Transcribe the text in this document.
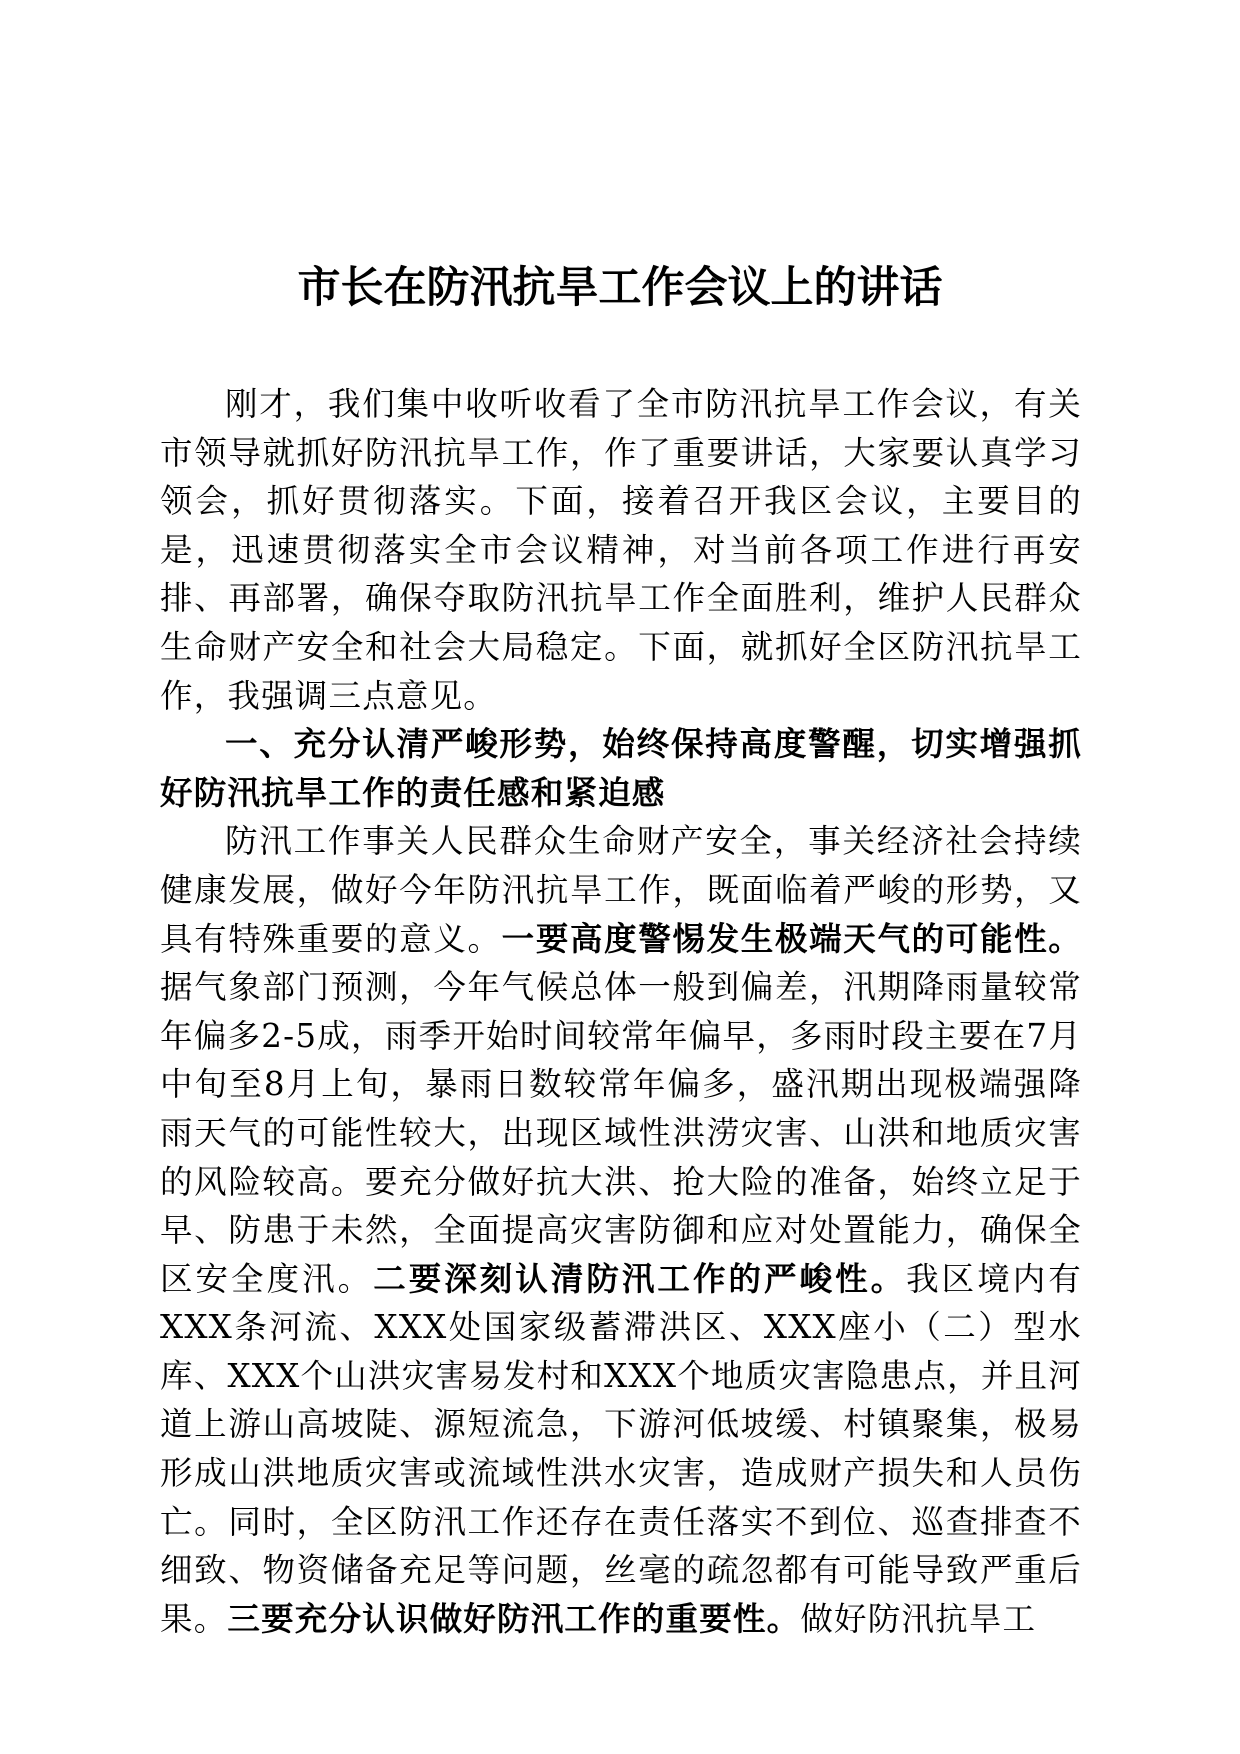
市长在防汛抗旱工作会议上的讲话

刚才，我们集中收听收看了全市防汛抗旱工作会议，有关市领导就抓好防汛抗旱工作，作了重要讲话，大家要认真学习领会，抓好贯彻落实。下面，接着召开我区会议，主要目的是，迅速贯彻落实全市会议精神，对当前各项工作进行再安排、再部署，确保夺取防汛抗旱工作全面胜利，维护人民群众生命财产安全和社会大局稳定。下面，就抓好全区防汛抗旱工作，我强调三点意见。

一、充分认清严峻形势，始终保持高度警醒，切实增强抓好防汛抗旱工作的责任感和紧迫感

防汛工作事关人民群众生命财产安全，事关经济社会持续健康发展，做好今年防汛抗旱工作，既面临着严峻的形势，又具有特殊重要的意义。一要高度警惕发生极端天气的可能性。据气象部门预测，今年气候总体一般到偏差，汛期降雨量较常年偏多2-5成，雨季开始时间较常年偏早，多雨时段主要在7月中旬至8月上旬，暴雨日数较常年偏多，盛汛期出现极端强降雨天气的可能性较大，出现区域性洪涝灾害、山洪和地质灾害的风险较高。要充分做好抗大洪、抢大险的准备，始终立足于早、防患于未然，全面提高灾害防御和应对处置能力，确保全区安全度汛。二要深刻认清防汛工作的严峻性。我区境内有XXX条河流、XXX处国家级蓄滞洪区、XXX座小（二）型水库、XXX个山洪灾害易发村和XXX个地质灾害隐患点，并且河道上游山高坡陡、源短流急，下游河低坡缓、村镇聚集，极易形成山洪地质灾害或流域性洪水灾害，造成财产损失和人员伤亡。同时，全区防汛工作还存在责任落实不到位、巡查排查不细致、物资储备充足等问题，丝毫的疏忽都有可能导致严重后果。三要充分认识做好防汛工作的重要性。做好防汛抗旱工
